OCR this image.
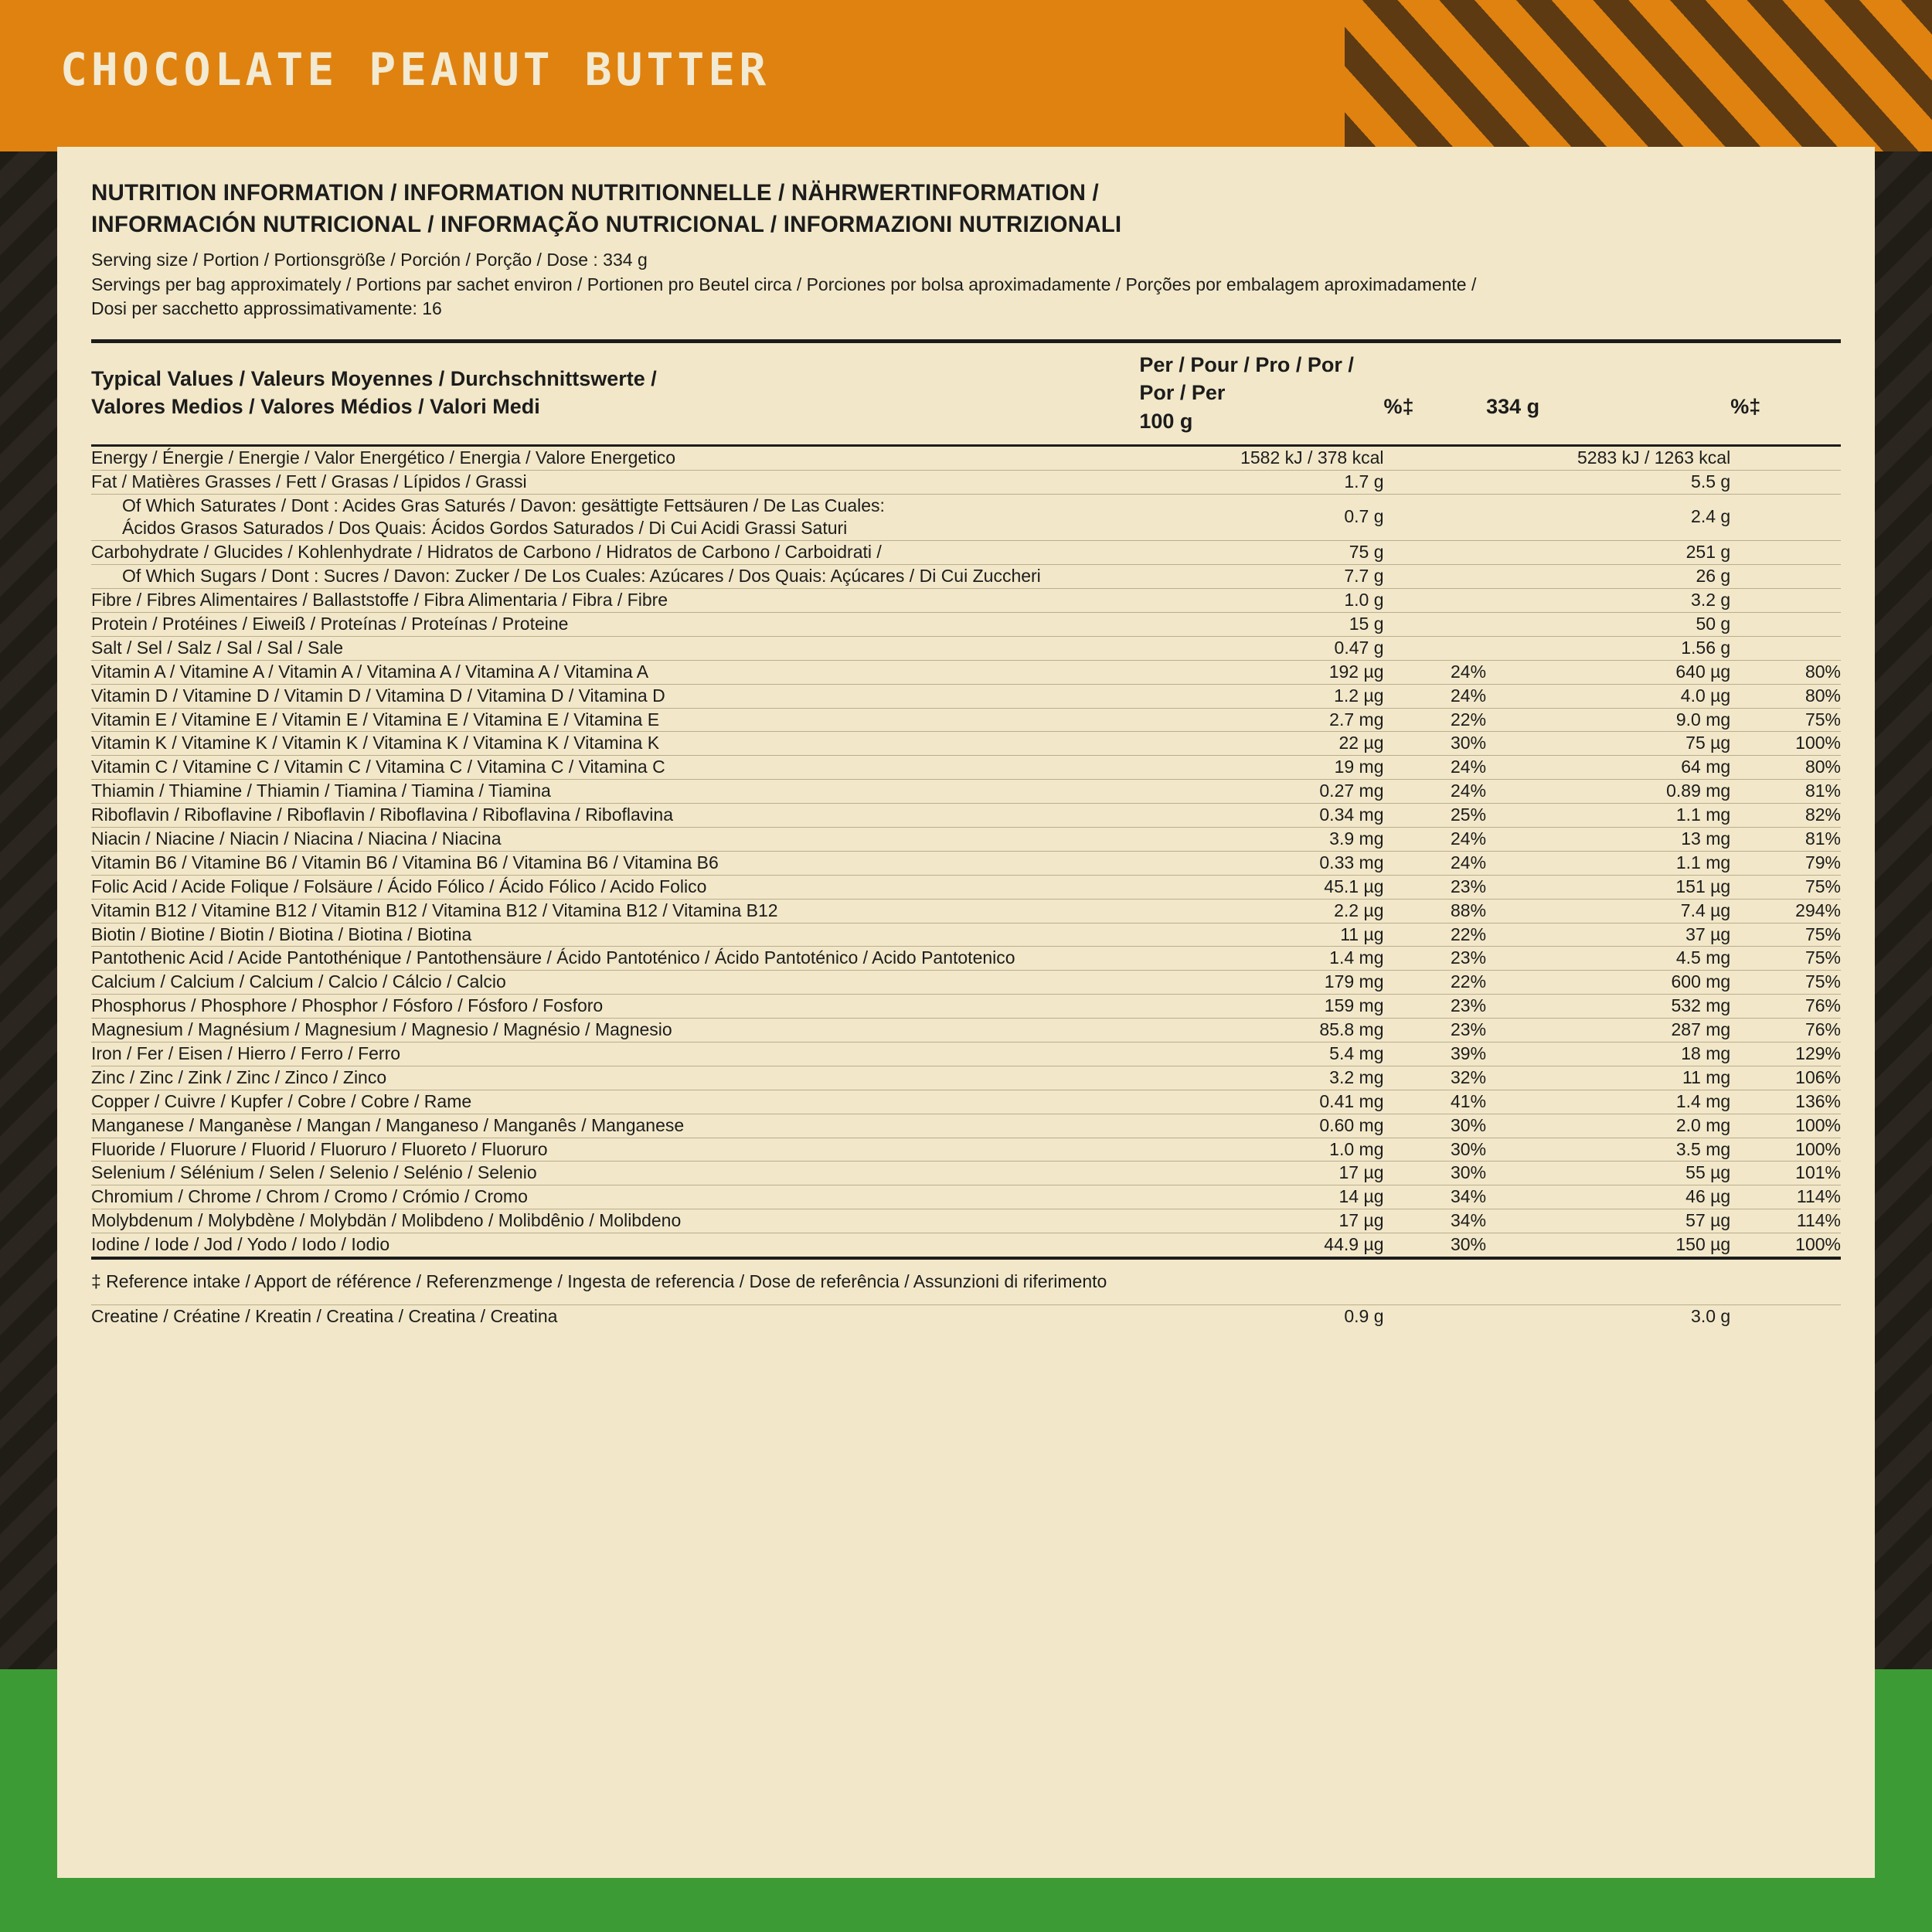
CHOCOLATE PEANUT BUTTER
NUTRITION INFORMATION / INFORMATION NUTRITIONNELLE / NÄHRWERTINFORMATION /
INFORMACIÓN NUTRICIONAL / INFORMAÇÃO NUTRICIONAL / INFORMAZIONI NUTRIZIONALI
Serving size / Portion / Portionsgröße / Porción / Porção / Dose : 334 g
Servings per bag approximately / Portions par sachet environ / Portionen pro Beutel circa / Porciones por bolsa aproximadamente / Porções por embalagem aproximadamente /
Dosi per sacchetto approssimativamente: 16
Typical Values / Valeurs Moyennes / Durchschnittswerte /
Valores Medios / Valores Médios / Valori Medi	Per / Pour / Pro / Por / Por / Per
100 g	%‡	334 g	%‡

Energy / Énergie / Energie / Valor Energético / Energia / Valore Energetico	1582 kJ / 378 kcal		5283 kJ / 1263 kcal	
Fat / Matières Grasses / Fett / Grasas / Lípidos / Grassi	1.7 g		5.5 g	
Of Which Saturates / Dont : Acides Gras Saturés / Davon: gesättigte Fettsäuren / De Las Cuales:
Ácidos Grasos Saturados / Dos Quais: Ácidos Gordos Saturados / Di Cui Acidi Grassi Saturi	0.7 g		2.4 g	
Carbohydrate / Glucides / Kohlenhydrate / Hidratos de Carbono / Hidratos de Carbono / Carboidrati /	75 g		251 g	
Of Which Sugars / Dont : Sucres / Davon: Zucker / De Los Cuales: Azúcares / Dos Quais: Açúcares / Di Cui Zuccheri	7.7 g		26 g	
Fibre / Fibres Alimentaires / Ballaststoffe / Fibra Alimentaria / Fibra / Fibre	1.0 g		3.2 g	
Protein / Protéines / Eiweiß / Proteínas / Proteínas / Proteine	15 g		50 g	
Salt / Sel / Salz / Sal / Sal / Sale	0.47 g		1.56 g	
Vitamin A / Vitamine A / Vitamin A / Vitamina A / Vitamina A / Vitamina A	192 µg	24%	640 µg	80%
Vitamin D / Vitamine D / Vitamin D / Vitamina D / Vitamina D / Vitamina D	1.2 µg	24%	4.0 µg	80%
Vitamin E / Vitamine E / Vitamin E / Vitamina E / Vitamina E / Vitamina E	2.7 mg	22%	9.0 mg	75%
Vitamin K / Vitamine K / Vitamin K / Vitamina K / Vitamina K / Vitamina K	22 µg	30%	75 µg	100%
Vitamin C / Vitamine C / Vitamin C / Vitamina C / Vitamina C / Vitamina C	19 mg	24%	64 mg	80%
Thiamin / Thiamine / Thiamin / Tiamina / Tiamina / Tiamina	0.27 mg	24%	0.89 mg	81%
Riboflavin / Riboflavine / Riboflavin / Riboflavina / Riboflavina / Riboflavina	0.34 mg	25%	1.1 mg	82%
Niacin / Niacine / Niacin / Niacina / Niacina / Niacina	3.9 mg	24%	13 mg	81%
Vitamin B6 / Vitamine B6 / Vitamin B6 / Vitamina B6 / Vitamina B6 / Vitamina B6	0.33 mg	24%	1.1 mg	79%
Folic Acid / Acide Folique / Folsäure / Ácido Fólico / Ácido Fólico / Acido Folico	45.1 µg	23%	151 µg	75%
Vitamin B12 / Vitamine B12 / Vitamin B12 / Vitamina B12 / Vitamina B12 / Vitamina B12	2.2 µg	88%	7.4 µg	294%
Biotin / Biotine / Biotin / Biotina / Biotina / Biotina	11 µg	22%	37 µg	75%
Pantothenic Acid / Acide Pantothénique / Pantothensäure / Ácido Pantoténico / Ácido Pantoténico / Acido Pantotenico	1.4 mg	23%	4.5 mg	75%
Calcium / Calcium / Calcium / Calcio / Cálcio / Calcio	179 mg	22%	600 mg	75%
Phosphorus / Phosphore / Phosphor / Fósforo / Fósforo / Fosforo	159 mg	23%	532 mg	76%
Magnesium / Magnésium / Magnesium / Magnesio / Magnésio / Magnesio	85.8 mg	23%	287 mg	76%
Iron / Fer / Eisen / Hierro / Ferro / Ferro	5.4 mg	39%	18 mg	129%
Zinc / Zinc / Zink / Zinc / Zinco / Zinco	3.2 mg	32%	11 mg	106%
Copper / Cuivre / Kupfer / Cobre / Cobre / Rame	0.41 mg	41%	1.4 mg	136%
Manganese / Manganèse / Mangan / Manganeso / Manganês / Manganese	0.60 mg	30%	2.0 mg	100%
Fluoride / Fluorure / Fluorid / Fluoruro / Fluoreto / Fluoruro	1.0 mg	30%	3.5 mg	100%
Selenium / Sélénium / Selen / Selenio / Selénio / Selenio	17 µg	30%	55 µg	101%
Chromium / Chrome / Chrom / Cromo / Crómio / Cromo	14 µg	34%	46 µg	114%
Molybdenum / Molybdène / Molybdän / Molibdeno / Molibdênio / Molibdeno	17 µg	34%	57 µg	114%
Iodine / Iode / Jod / Yodo / Iodo / Iodio	44.9 µg	30%	150 µg	100%
‡ Reference intake / Apport de référence / Referenzmenge / Ingesta de referencia / Dose de referência / Assunzioni di riferimento				
Creatine / Créatine / Kreatin / Creatina / Creatina / Creatina	0.9 g		3.0 g	
